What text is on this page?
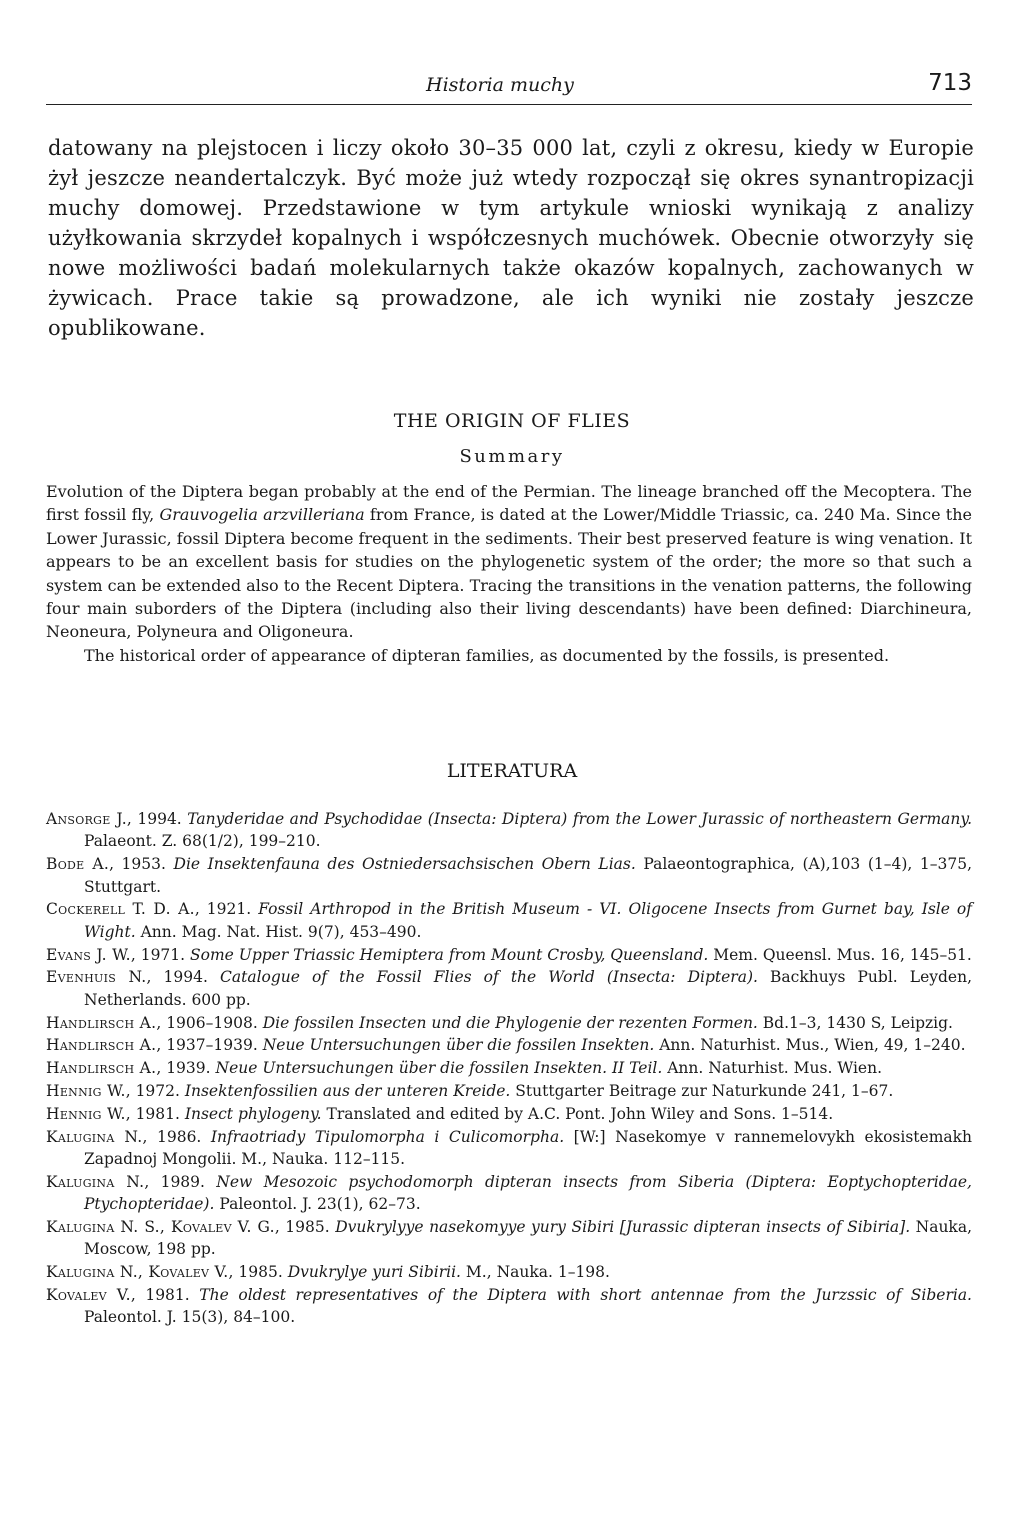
Historia muchy	713

datowany na plejstocen i liczy około 30–35 000 lat, czyli z okresu, kiedy w Europie żył jeszcze neandertalczyk. Być może już wtedy rozpoczął się okres synantropizacji muchy domowej. Przedstawione w tym artykule wnioski wynikają z analizy użyłkowania skrzydeł kopalnych i współczesnych muchówek. Obecnie otworzyły się nowe możliwości badań molekularnych także okazów kopalnych, zachowanych w żywicach. Prace takie są prowadzone, ale ich wyniki nie zostały jeszcze opublikowane.

THE ORIGIN OF FLIES
Summary

Evolution of the Diptera began probably at the end of the Permian. The lineage branched off the Mecoptera. The first fossil fly, Grauvogelia arzvilleriana from France, is dated at the Lower/Middle Triassic, ca. 240 Ma. Since the Lower Jurassic, fossil Diptera become frequent in the sediments. Their best preserved feature is wing venation. It appears to be an excellent basis for studies on the phylogenetic system of the order; the more so that such a system can be extended also to the Recent Diptera. Tracing the transitions in the venation patterns, the following four main suborders of the Diptera (including also their living descendants) have been defined: Diarchineura, Neoneura, Polyneura and Oligoneura.

The historical order of appearance of dipteran families, as documented by the fossils, is presented.

LITERATURA
Ansorge J., 1994. Tanyderidae and Psychodidae (Insecta: Diptera) from the Lower Jurassic of northeastern Germany. Palaeont. Z. 68(1/2), 199–210.
Bode A., 1953. Die Insektenfauna des Ostniedersachsischen Obern Lias. Palaeontographica, (A),103 (1–4), 1–375, Stuttgart.
Cockerell T. D. A., 1921. Fossil Arthropod in the British Museum - VI. Oligocene Insects from Gurnet bay, Isle of Wight. Ann. Mag. Nat. Hist. 9(7), 453–490.
Evans J. W., 1971. Some Upper Triassic Hemiptera from Mount Crosby, Queensland. Mem. Queensl. Mus. 16, 145–51.
Evenhuis N., 1994. Catalogue of the Fossil Flies of the World (Insecta: Diptera). Backhuys Publ. Leyden, Netherlands. 600 pp.
Handlirsch A., 1906–1908. Die fossilen Insecten und die Phylogenie der rezenten Formen. Bd.1–3, 1430 S, Leipzig.
Handlirsch A., 1937–1939. Neue Untersuchungen über die fossilen Insekten. Ann. Naturhist. Mus., Wien, 49, 1–240.
Handlirsch A., 1939. Neue Untersuchungen über die fossilen Insekten. II Teil. Ann. Naturhist. Mus. Wien.
Hennig W., 1972. Insektenfossilien aus der unteren Kreide. Stuttgarter Beitrage zur Naturkunde 241, 1–67.
Hennig W., 1981. Insect phylogeny. Translated and edited by A.C. Pont. John Wiley and Sons. 1–514.
Kalugina N., 1986. Infraotriady Tipulomorpha i Culicomorpha. [W:] Nasekomye v rannemelovykh ekosistemakh Zapadnoj Mongolii. M., Nauka. 112–115.
Kalugina N., 1989. New Mesozoic psychodomorph dipteran insects from Siberia (Diptera: Eoptychopteridae, Ptychopteridae). Paleontol. J. 23(1), 62–73.
Kalugina N. S., Kovalev V. G., 1985. Dvukrylyye nasekomyye yury Sibiri [Jurassic dipteran insects of Sibiria]. Nauka, Moscow, 198 pp.
Kalugina N., Kovalev V., 1985. Dvukrylye yuri Sibirii. M., Nauka. 1–198.
Kovalev V., 1981. The oldest representatives of the Diptera with short antennae from the Jurzssic of Siberia. Paleontol. J. 15(3), 84–100.
